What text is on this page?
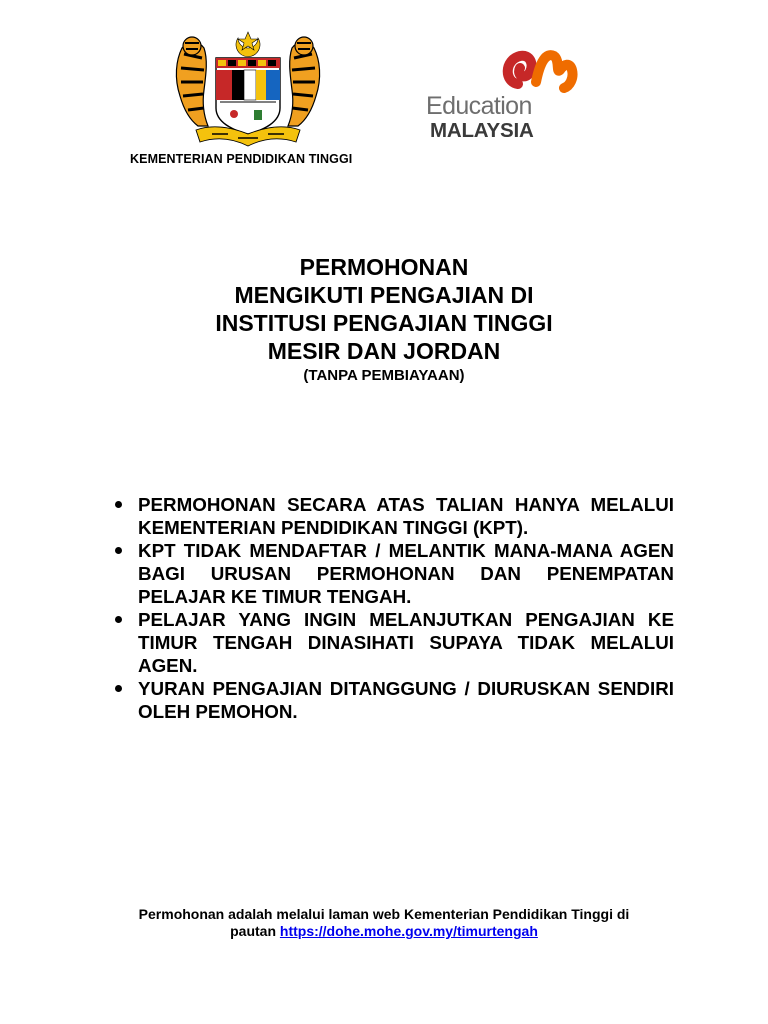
KEMENTERIAN PENDIDIKAN TINGGI
Education
MALAYSIA
PERMOHONAN
MENGIKUTI PENGAJIAN DI
INSTITUSI PENGAJIAN TINGGI
MESIR DAN JORDAN
(TANPA PEMBIAYAAN)
PERMOHONAN SECARA ATAS TALIAN HANYA MELALUI KEMENTERIAN PENDIDIKAN TINGGI (KPT).
KPT TIDAK MENDAFTAR / MELANTIK MANA-MANA AGEN BAGI URUSAN PERMOHONAN DAN PENEMPATAN PELAJAR KE TIMUR TENGAH.
PELAJAR YANG INGIN MELANJUTKAN PENGAJIAN KE TIMUR TENGAH DINASIHATI SUPAYA TIDAK MELALUI AGEN.
YURAN PENGAJIAN DITANGGUNG / DIURUSKAN SENDIRI OLEH PEMOHON.
Permohonan adalah melalui laman web Kementerian Pendidikan Tinggi di
pautan https://dohe.mohe.gov.my/timurtengah
